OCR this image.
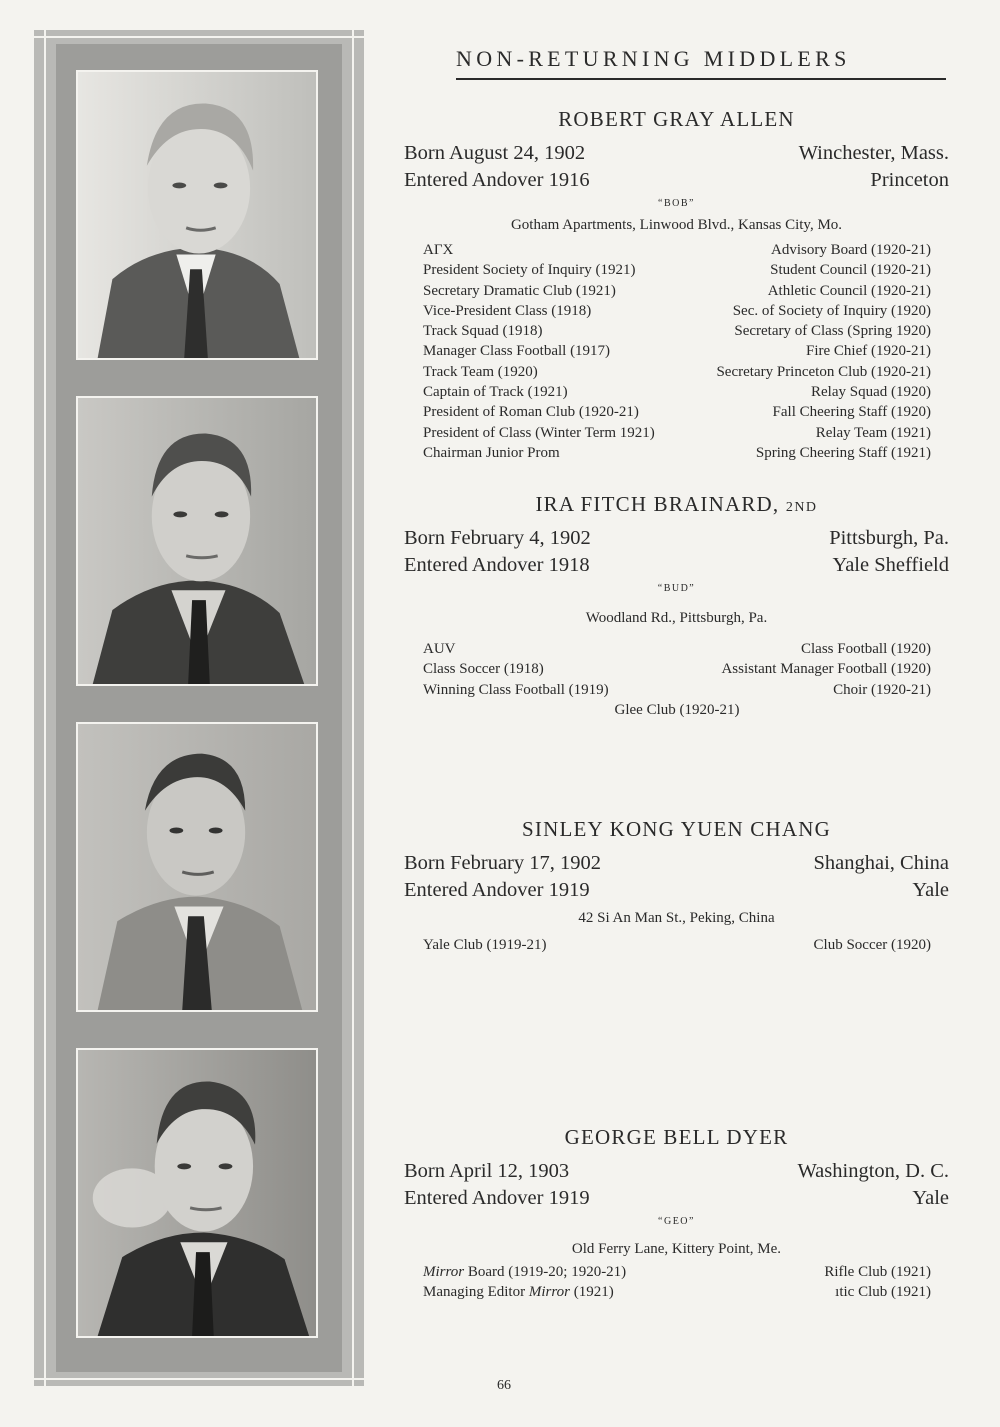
NON-RETURNING MIDDLERS
ROBERT GRAY ALLEN
Born August 24, 1902	Winchester, Mass.
Entered Andover 1916	Princeton
“BOB”
Gotham Apartments, Linwood Blvd., Kansas City, Mo.
ΑΓΧ	Advisory Board (1920-21)
President Society of Inquiry (1921)	Student Council (1920-21)
Secretary Dramatic Club (1921)	Athletic Council (1920-21)
Vice-President Class (1918)	Sec. of Society of Inquiry (1920)
Track Squad (1918)	Secretary of Class (Spring 1920)
Manager Class Football (1917)	Fire Chief (1920-21)
Track Team (1920)	Secretary Princeton Club (1920-21)
Captain of Track (1921)	Relay Squad (1920)
President of Roman Club (1920-21)	Fall Cheering Staff (1920)
President of Class (Winter Term 1921)	Relay Team (1921)
Chairman Junior Prom	Spring Cheering Staff (1921)
IRA FITCH BRAINARD, 2ND
Born February 4, 1902	Pittsburgh, Pa.
Entered Andover 1918	Yale Sheffield
“BUD”
Woodland Rd., Pittsburgh, Pa.
AUV	Class Football (1920)
Class Soccer (1918)	Assistant Manager Football (1920)
Winning Class Football (1919)	Choir (1920-21)
Glee Club (1920-21)
SINLEY KONG YUEN CHANG
Born February 17, 1902	Shanghai, China
Entered Andover 1919	Yale
42 Si An Man St., Peking, China
Yale Club (1919-21)	Club Soccer (1920)
GEORGE BELL DYER
Born April 12, 1903	Washington, D. C.
Entered Andover 1919	Yale
“GEO”
Old Ferry Lane, Kittery Point, Me.
Mirror Board (1919-20; 1920-21)	Rifle Club (1921)
Managing Editor Mirror (1921)	ıtic Club (1921)
66
